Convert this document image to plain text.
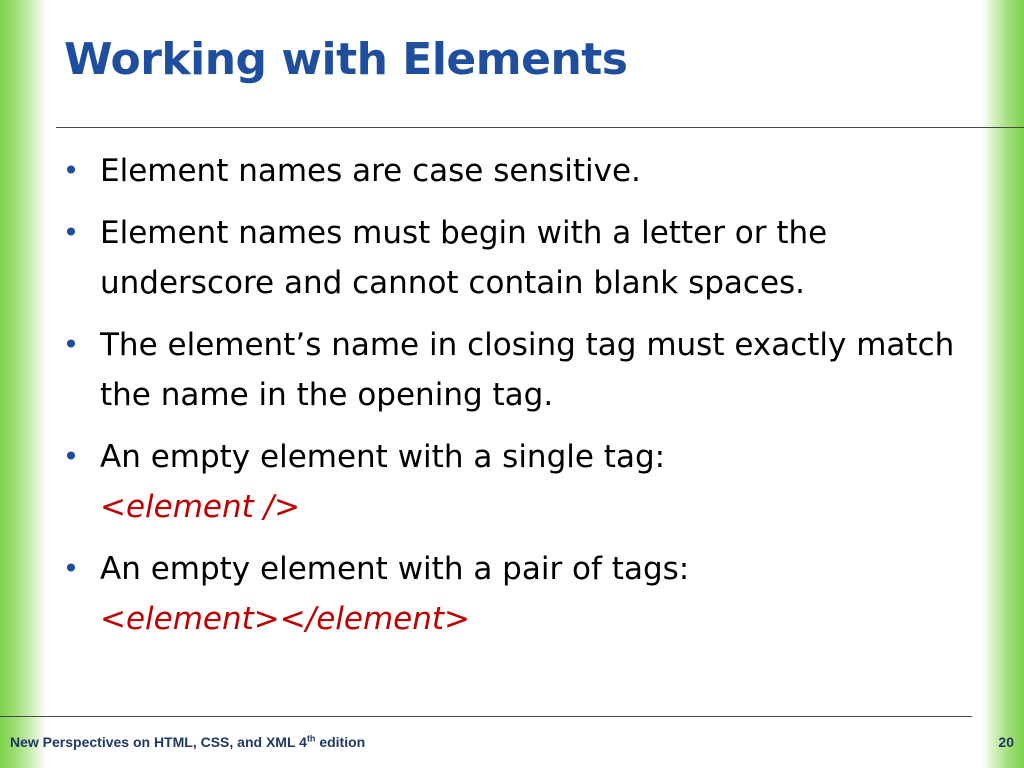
Working with Elements
• Element names are case sensitive.
• Element names must begin with a letter or the underscore and cannot contain blank spaces.
• The element’s name in closing tag must exactly match the name in the opening tag.
• An empty element with a single tag:
<element />
• An empty element with a pair of tags:
<element></element>
New Perspectives on HTML, CSS, and XML 4th edition	20
